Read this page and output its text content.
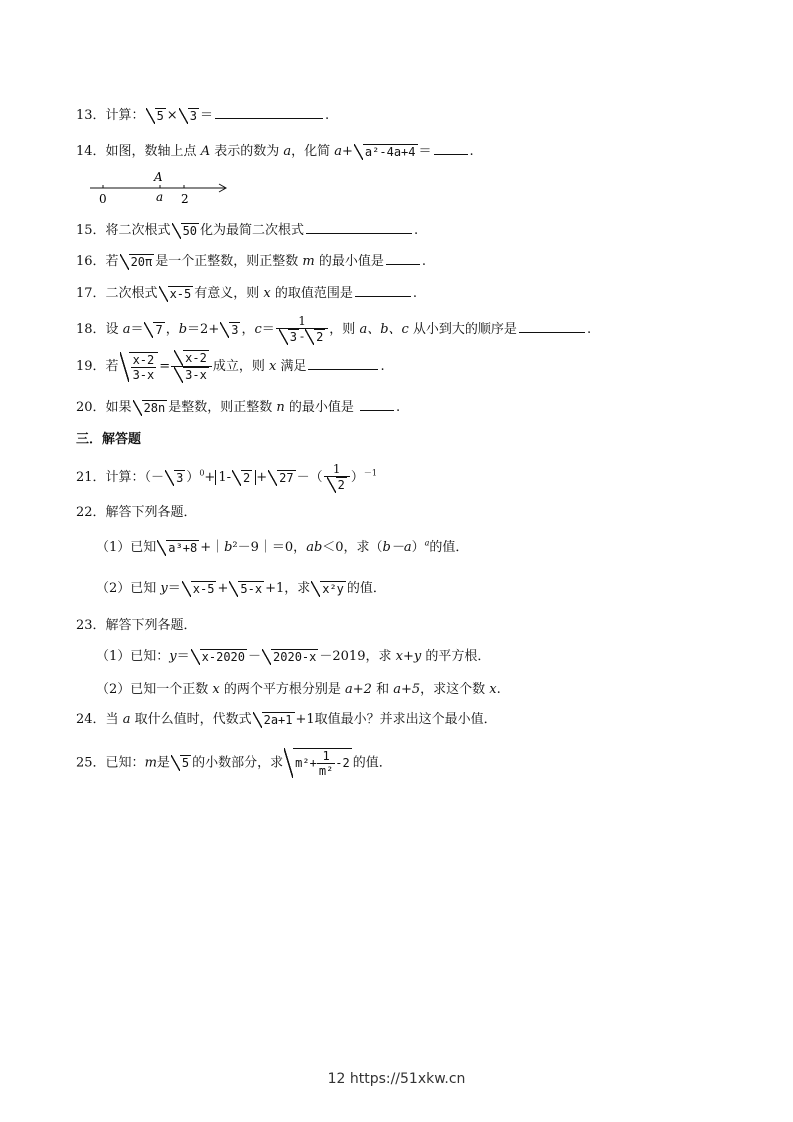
13．计算： 5 × 3 ＝	.
14．如图，数轴上点 A 表示的数为 a，化简 a+ a²-4a+4 ＝	.
A
0	a 2
15．将二次根式 50 化为最简二次根式	.
16．若 20π 是一个正整数，则正整数 m 的最小值是	.
17．二次根式 x-5 有意义，则 x 的取值范围是	.
18．设 a＝ 7 ，b＝2+ 3 ，$c= \frac{1}{3 - 2}$ ，则 a、b、c 从小到大的顺序是	.
19．若 $\frac{x-2}{3-x} = \frac{x-2}{3-x}$ 成立，则 x 满足	.
20．如果 28n 是整数，则正整数 n 的最小值是	.
三．解答题
21．计算：（－ 3 ）$^0$+ 1- 2 + 27 －（ $\frac{1}{2} )^{-1}$
22．解答下列各题．
（1）已知 a³+8 +｜b²－9｜＝0，ab＜0，求$(b-a)^a$的值．
（2）已知 y＝ x-5 + 5-x +1，求 x²y 的值．
23．解答下列各题．
（1）已知：y＝ x-2020 － 2020-x －2019，求 x+y 的平方根．
（2）已知一个正数 x 的两个平方根分别是 a+2 和 a+5，求这个数 x.
24．当 a 取什么值时，代数式 2a+1 +1取值最小？并求出这个最小值．
25．已知：m是 5 的小数部分，求 $m^2+ \frac{1}{\text{m²}} -2$ 的值．
12 https://51xkw.cn
